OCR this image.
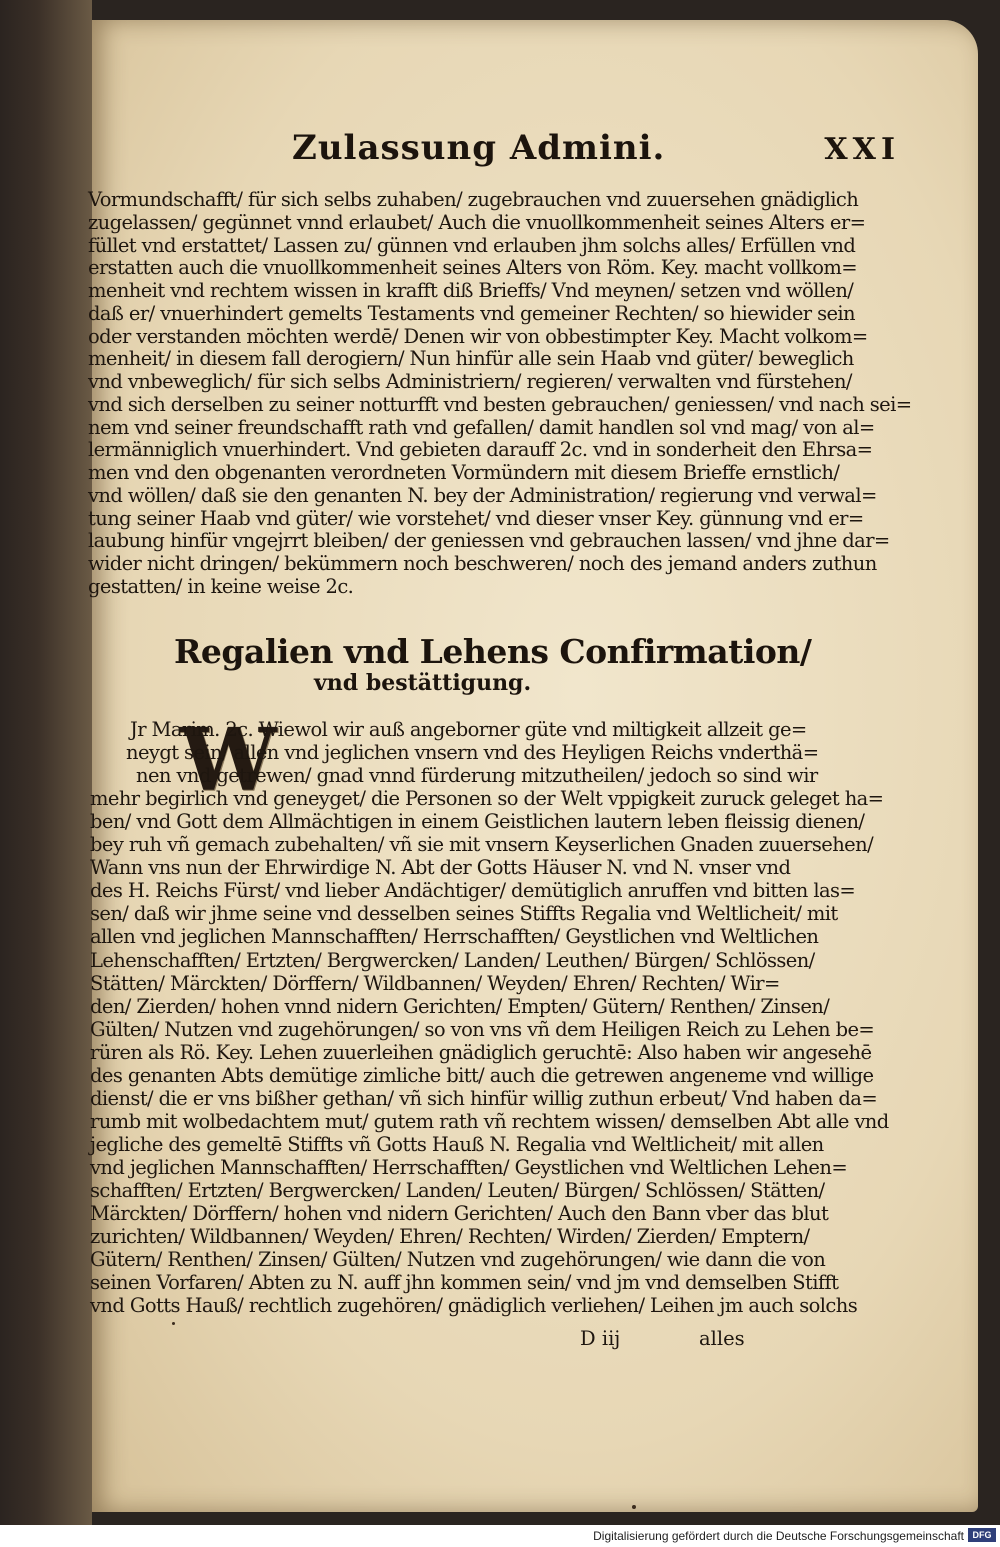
Zulassung Admini.	XXI
Vormundschafft/ für sich selbs zuhaben/ zugebrauchen vnd zuuersehen gnädiglich
zugelassen/ gegünnet vnnd erlaubet/ Auch die vnuollkommenheit seines Alters er=
füllet vnd erstattet/ Lassen zu/ günnen vnd erlauben jhm solchs alles/ Erfüllen vnd
erstatten auch die vnuollkommenheit seines Alters von Röm. Key. macht vollkom=
menheit vnd rechtem wissen in krafft diß Brieffs/ Vnd meynen/ setzen vnd wöllen/
daß er/ vnuerhindert gemelts Testaments vnd gemeiner Rechten/ so hiewider sein
oder verstanden möchten werdē/ Denen wir von obbestimpter Key. Macht volkom=
menheit/ in diesem fall derogiern/ Nun hinfür alle sein Haab vnd güter/ beweglich
vnd vnbeweglich/ für sich selbs Administriern/ regieren/ verwalten vnd fürstehen/
vnd sich derselben zu seiner notturfft vnd besten gebrauchen/ geniessen/ vnd nach sei=
nem vnd seiner freundschafft rath vnd gefallen/ damit handlen sol vnd mag/ von al=
lermänniglich vnuerhindert. Vnd gebieten darauff 2c. vnd in sonderheit den Ehrsa=
men vnd den obgenanten verordneten Vormündern mit diesem Brieffe ernstlich/
vnd wöllen/ daß sie den genanten N. bey der Administration/ regierung vnd verwal=
tung seiner Haab vnd güter/ wie vorstehet/ vnd dieser vnser Key. günnung vnd er=
laubung hinfür vngejrrt bleiben/ der geniessen vnd gebrauchen lassen/ vnd jhne dar=
wider nicht dringen/ bekümmern noch beschweren/ noch des jemand anders zuthun
gestatten/ in keine weise 2c.
Regalien vnd Lehens Confirmation/
vnd bestättigung.
W
Jr Marim. 2c. Wiewol wir auß angeborner güte vnd miltigkeit allzeit ge=
neygt sein/ allen vnd jeglichen vnsern vnd des Heyligen Reichs vnderthä=
nen vnd getrewen/ gnad vnnd fürderung mitzutheilen/ jedoch so sind wir
mehr begirlich vnd geneyget/ die Personen so der Welt vppigkeit zuruck geleget ha=
ben/ vnd Gott dem Allmächtigen in einem Geistlichen lautern leben fleissig dienen/
bey ruh vñ gemach zubehalten/ vñ sie mit vnsern Keyserlichen Gnaden zuuersehen/
Wann vns nun der Ehrwirdige N. Abt der Gotts Häuser N. vnd N. vnser vnd
des H. Reichs Fürst/ vnd lieber Andächtiger/ demütiglich anruffen vnd bitten las=
sen/ daß wir jhme seine vnd desselben seines Stiffts Regalia vnd Weltlicheit/ mit
allen vnd jeglichen Mannschafften/ Herrschafften/ Geystlichen vnd Weltlichen
Lehenschafften/ Ertzten/ Bergwercken/ Landen/ Leuthen/ Bürgen/ Schlössen/
Stätten/ Märckten/ Dörffern/ Wildbannen/ Weyden/ Ehren/ Rechten/ Wir=
den/ Zierden/ hohen vnnd nidern Gerichten/ Empten/ Gütern/ Renthen/ Zinsen/
Gülten/ Nutzen vnd zugehörungen/ so von vns vñ dem Heiligen Reich zu Lehen be=
rüren als Rö. Key. Lehen zuuerleihen gnädiglich geruchtē: Also haben wir angesehē
des genanten Abts demütige zimliche bitt/ auch die getrewen angeneme vnd willige
dienst/ die er vns bißher gethan/ vñ sich hinfür willig zuthun erbeut/ Vnd haben da=
rumb mit wolbedachtem mut/ gutem rath vñ rechtem wissen/ demselben Abt alle vnd
jegliche des gemeltē Stiffts vñ Gotts Hauß N. Regalia vnd Weltlicheit/ mit allen
vnd jeglichen Mannschafften/ Herrschafften/ Geystlichen vnd Weltlichen Lehen=
schafften/ Ertzten/ Bergwercken/ Landen/ Leuten/ Bürgen/ Schlössen/ Stätten/
Märckten/ Dörffern/ hohen vnd nidern Gerichten/ Auch den Bann vber das blut
zurichten/ Wildbannen/ Weyden/ Ehren/ Rechten/ Wirden/ Zierden/ Emptern/
Gütern/ Renthen/ Zinsen/ Gülten/ Nutzen vnd zugehörungen/ wie dann die von
seinen Vorfaren/ Abten zu N. auff jhn kommen sein/ vnd jm vnd demselben Stifft
vnd Gotts Hauß/ rechtlich zugehören/ gnädiglich verliehen/ Leihen jm auch solchs
D iij	alles
Digitalisierung gefördert durch die Deutsche Forschungsgemeinschaft DFG
